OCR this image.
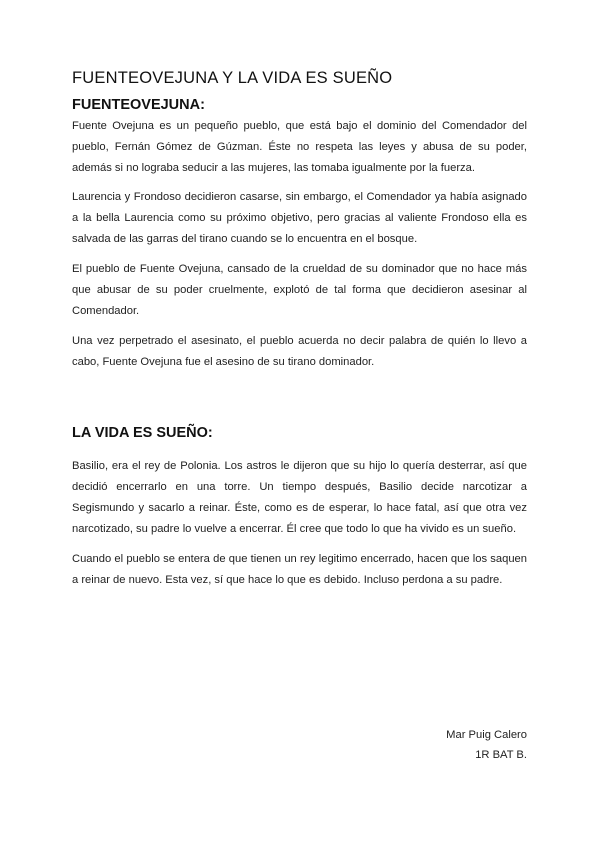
FUENTEOVEJUNA Y LA VIDA ES SUEÑO
FUENTEOVEJUNA:

Fuente Ovejuna es un pequeño pueblo, que está bajo el dominio del Comendador del pueblo, Fernán Gómez de Gúzman. Éste no respeta las leyes y abusa de su poder, además si no lograba seducir a las mujeres, las tomaba igualmente por la fuerza.

Laurencia y Frondoso decidieron casarse, sin embargo, el Comendador ya había asignado a la bella Laurencia como su próximo objetivo, pero gracias al valiente Frondoso ella es salvada de las garras del tirano cuando se lo encuentra en el bosque.

El pueblo de Fuente Ovejuna, cansado de la crueldad de su dominador que no hace más que abusar de su poder cruelmente, explotó de tal forma que decidieron asesinar al Comendador.

Una vez perpetrado el asesinato, el pueblo acuerda no decir palabra de quién lo llevo a cabo, Fuente Ovejuna fue el asesino de su tirano dominador.

LA VIDA ES SUEÑO:

Basilio, era el rey de Polonia. Los astros le dijeron que su hijo lo quería desterrar, así que decidió encerrarlo en una torre. Un tiempo después, Basilio decide narcotizar a Segismundo y sacarlo a reinar. Éste, como es de esperar, lo hace fatal, así que otra vez narcotizado, su padre lo vuelve a encerrar. Él cree que todo lo que ha vivido es un sueño.

Cuando el pueblo se entera de que tienen un rey legitimo encerrado, hacen que los saquen a reinar de nuevo. Esta vez, sí que hace lo que es debido. Incluso perdona a su padre.

Mar Puig Calero
1R BAT B.
